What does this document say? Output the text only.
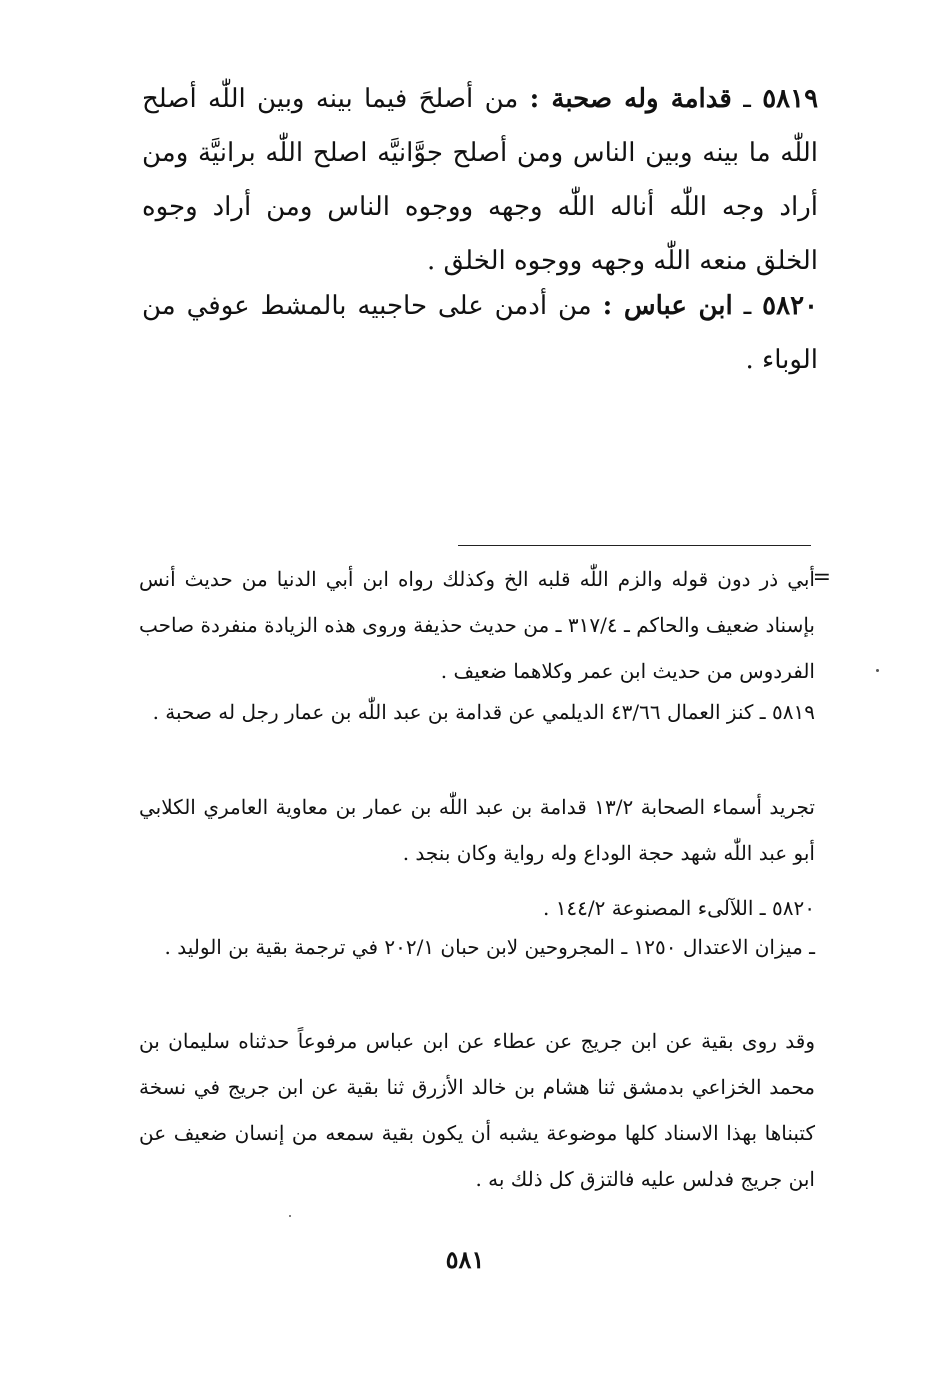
٥٨١٩ ـ قدامة وله صحبة : من أصلحَ فيما بينه وبين اللّٰه أصلح اللّٰه ما بينه وبين الناس ومن أصلح جوَّانيَّه اصلح اللّٰه برانيَّة ومن أراد وجه اللّٰه أناله اللّٰه وجهه ووجوه الناس ومن أراد وجوه الخلق منعه اللّٰه وجهه ووجوه الخلق .

٥٨٢٠ ـ ابن عباس : من أدمن على حاجبيه بالمشط عوفي من الوباء .

=

أبي ذر دون قوله والزم اللّٰه قلبه الخ وكذلك رواه ابن أبي الدنيا من حديث أنس بإسناد ضعيف والحاكم ـ ٣١٧/٤ ـ من حديث حذيفة وروى هذه الزيادة منفردة صاحب الفردوس من حديث ابن عمر وكلاهما ضعيف .

٥٨١٩ ـ كنز العمال ٤٣/٦٦ الديلمي عن قدامة بن عبد اللّٰه بن عمار رجل له صحبة .

تجريد أسماء الصحابة ١٣/٢ قدامة بن عبد اللّٰه بن عمار بن معاوية العامري الكلابي أبو عبد اللّٰه شهد حجة الوداع وله رواية وكان بنجد .

٥٨٢٠ ـ اللآلىء المصنوعة ١٤٤/٢ .

ـ ميزان الاعتدال ١٢٥٠ ـ المجروحين لابن حبان ٢٠٢/١ في ترجمة بقية بن الوليد .

وقد روى بقية عن ابن جريج عن عطاء عن ابن عباس مرفوعاً حدثناه سليمان بن محمد الخزاعي بدمشق ثنا هشام بن خالد الأزرق ثنا بقية عن ابن جريج في نسخة كتبناها بهذا الاسناد كلها موضوعة يشبه أن يكون بقية سمعه من إنسان ضعيف عن ابن جريج فدلس عليه فالتزق كل ذلك به .

٥٨١
